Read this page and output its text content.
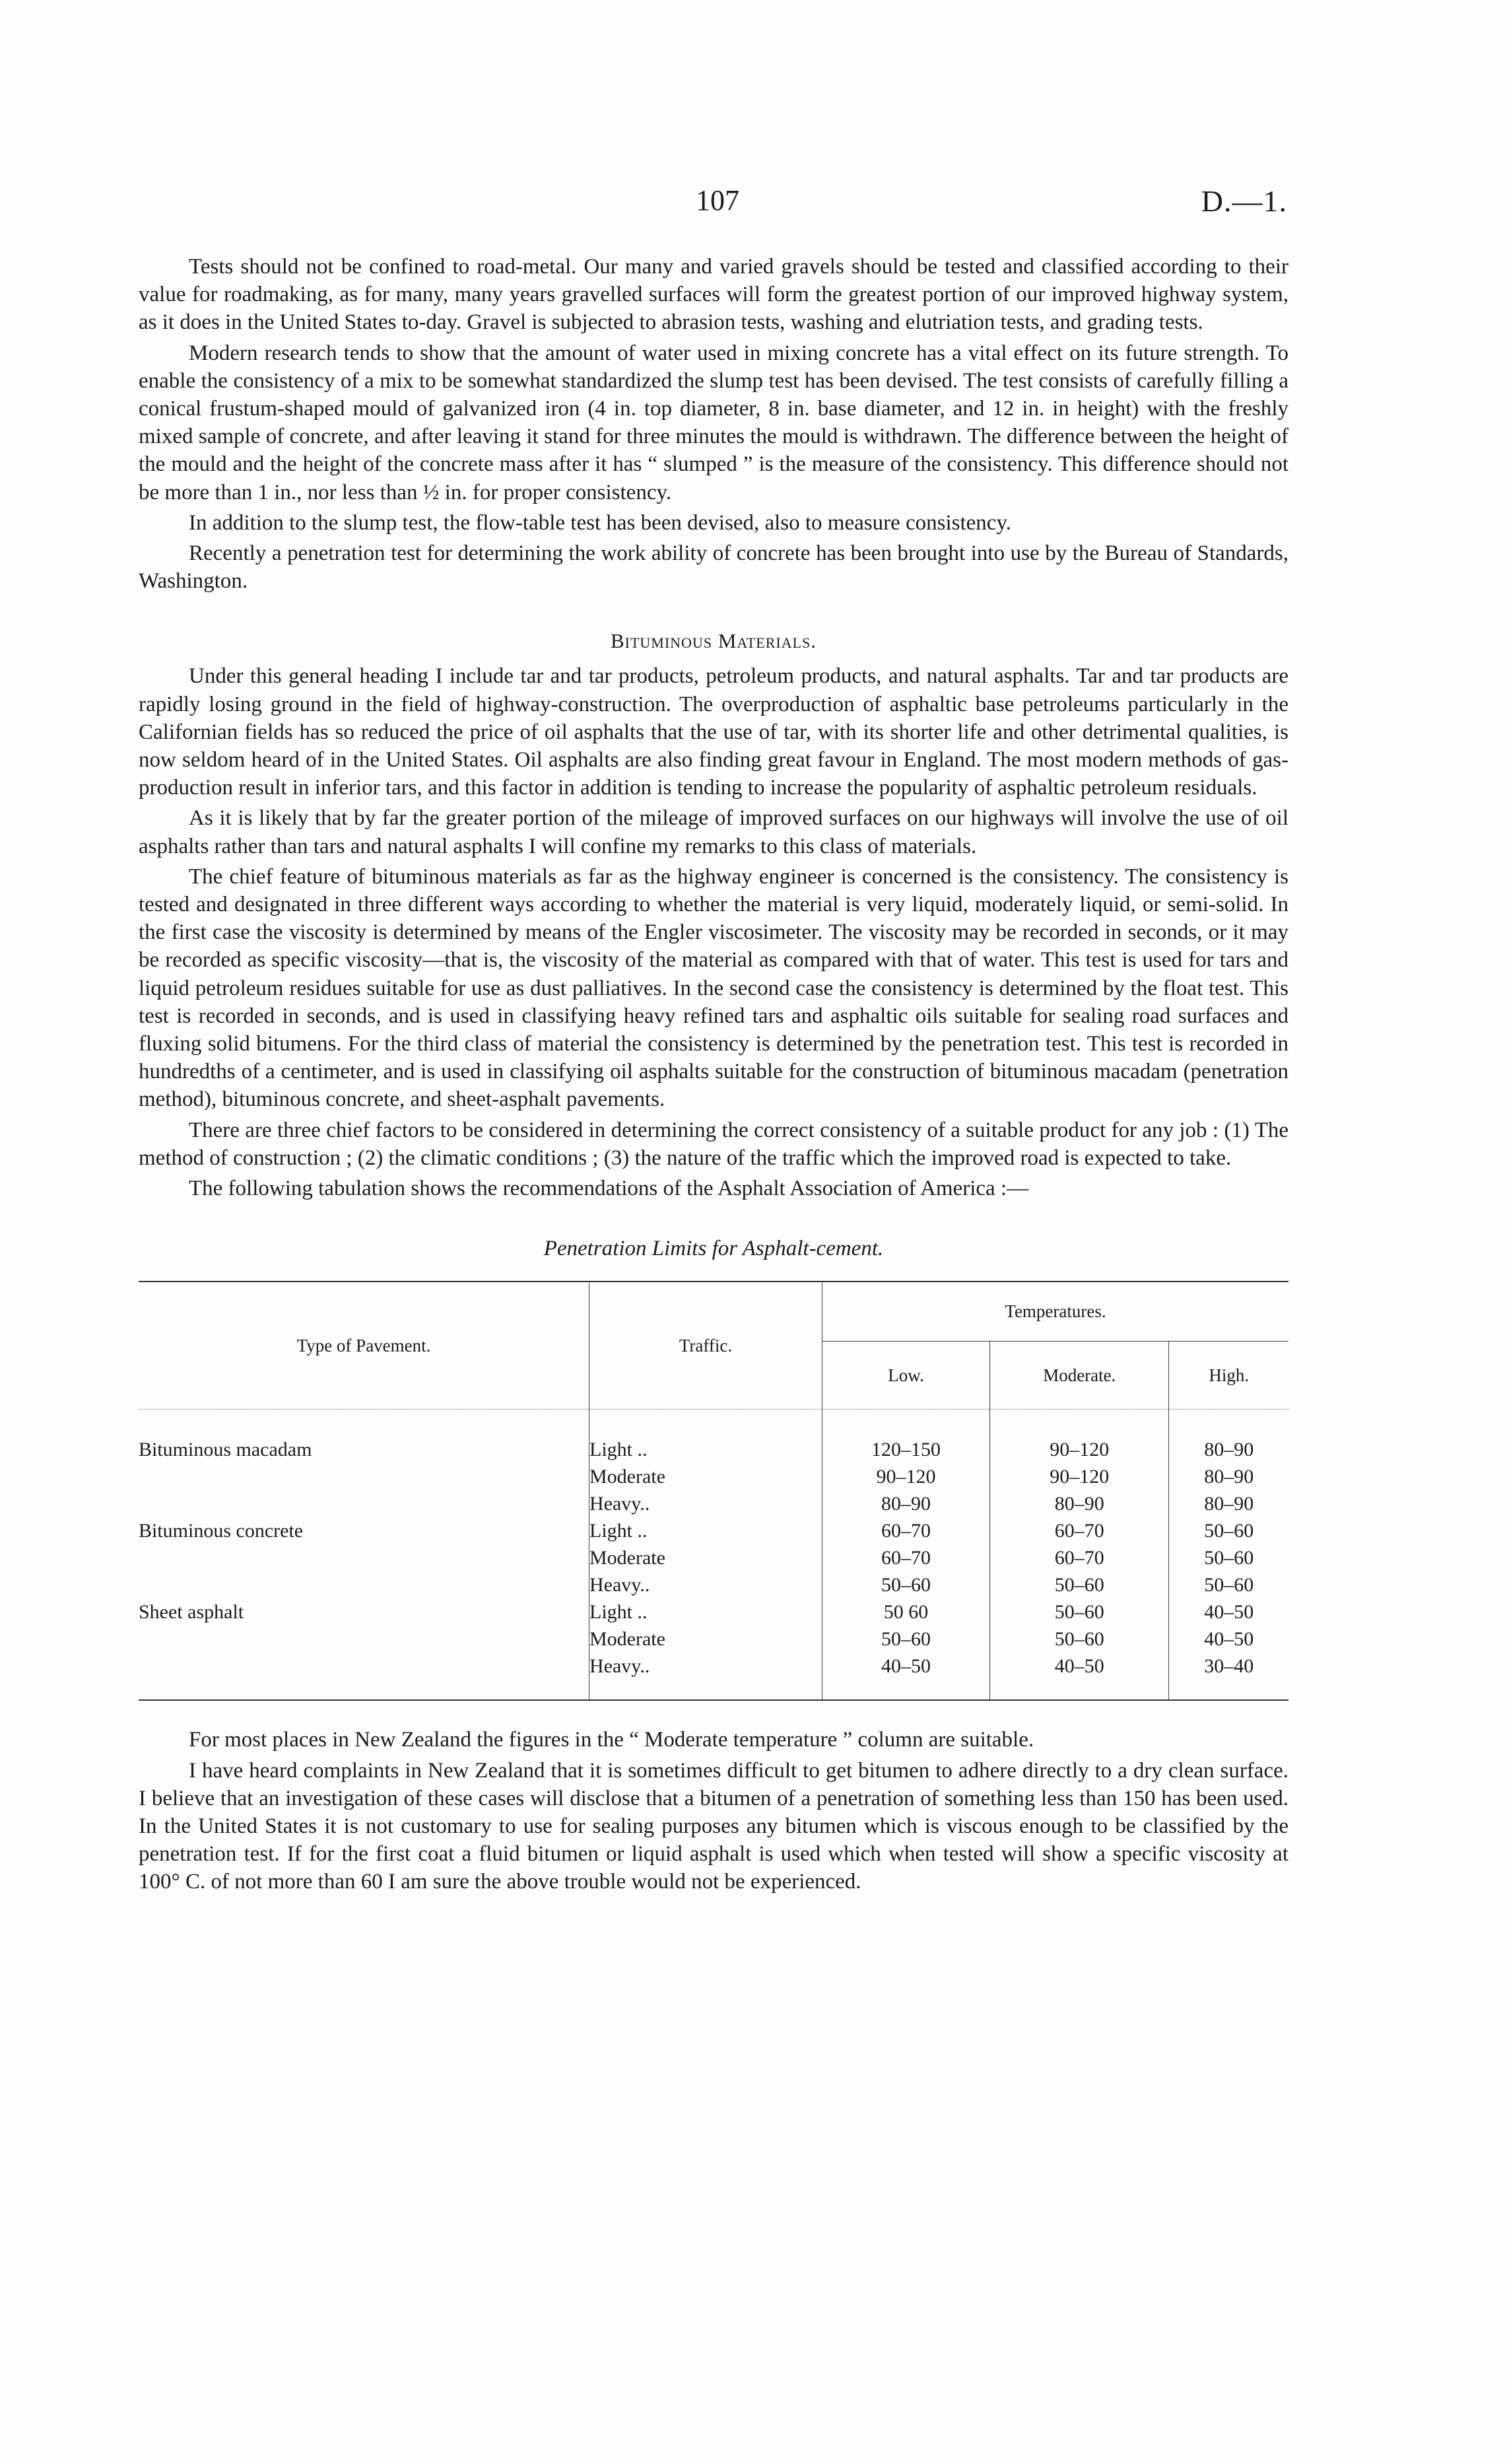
107	D.—1.

Tests should not be confined to road-metal. Our many and varied gravels should be tested and classified according to their value for roadmaking, as for many, many years gravelled surfaces will form the greatest portion of our improved highway system, as it does in the United States to-day. Gravel is subjected to abrasion tests, washing and elutriation tests, and grading tests.

Modern research tends to show that the amount of water used in mixing concrete has a vital effect on its future strength. To enable the consistency of a mix to be somewhat standardized the slump test has been devised. The test consists of carefully filling a conical frustum-shaped mould of galvanized iron (4 in. top diameter, 8 in. base diameter, and 12 in. in height) with the freshly mixed sample of concrete, and after leaving it stand for three minutes the mould is withdrawn. The difference between the height of the mould and the height of the concrete mass after it has “ slumped ” is the measure of the consistency. This difference should not be more than 1 in., nor less than ½ in. for proper consistency.

In addition to the slump test, the flow-table test has been devised, also to measure consistency.

Recently a penetration test for determining the work ability of concrete has been brought into use by the Bureau of Standards, Washington.

Bituminous Materials.

Under this general heading I include tar and tar products, petroleum products, and natural asphalts. Tar and tar products are rapidly losing ground in the field of highway-construction. The overproduction of asphaltic base petroleums particularly in the Californian fields has so reduced the price of oil asphalts that the use of tar, with its shorter life and other detrimental qualities, is now seldom heard of in the United States. Oil asphalts are also finding great favour in England. The most modern methods of gas-production result in inferior tars, and this factor in addition is tending to increase the popularity of asphaltic petroleum residuals.

As it is likely that by far the greater portion of the mileage of improved surfaces on our highways will involve the use of oil asphalts rather than tars and natural asphalts I will confine my remarks to this class of materials.

The chief feature of bituminous materials as far as the highway engineer is concerned is the consistency. The consistency is tested and designated in three different ways according to whether the material is very liquid, moderately liquid, or semi-solid. In the first case the viscosity is determined by means of the Engler viscosimeter. The viscosity may be recorded in seconds, or it may be recorded as specific viscosity—that is, the viscosity of the material as compared with that of water. This test is used for tars and liquid petroleum residues suitable for use as dust palliatives. In the second case the consistency is determined by the float test. This test is recorded in seconds, and is used in classifying heavy refined tars and asphaltic oils suitable for sealing road surfaces and fluxing solid bitumens. For the third class of material the consistency is determined by the penetration test. This test is recorded in hundredths of a centimeter, and is used in classifying oil asphalts suitable for the construction of bituminous macadam (penetration method), bituminous concrete, and sheet-asphalt pavements.

There are three chief factors to be considered in determining the correct consistency of a suitable product for any job : (1) The method of construction ; (2) the climatic conditions ; (3) the nature of the traffic which the improved road is expected to take.

The following tabulation shows the recommendations of the Asphalt Association of America :—

Penetration Limits for Asphalt-cement.
Type of Pavement.	Traffic.	Temperatures.		
		Low.	Moderate.	High.

Bituminous macadam	Light ..	120–150	90–120	80–90
	Moderate	90–120	90–120	80–90
	Heavy..	80–90	80–90	80–90
Bituminous concrete	Light ..	60–70	60–70	50–60
	Moderate	60–70	60–70	50–60
	Heavy..	50–60	50–60	50–60
Sheet asphalt	Light ..	50 60	50–60	40–50
	Moderate	50–60	50–60	40–50
	Heavy..	40–50	40–50	30–40

For most places in New Zealand the figures in the “ Moderate temperature ” column are suitable.

I have heard complaints in New Zealand that it is sometimes difficult to get bitumen to adhere directly to a dry clean surface. I believe that an investigation of these cases will disclose that a bitumen of a penetration of something less than 150 has been used. In the United States it is not customary to use for sealing purposes any bitumen which is viscous enough to be classified by the penetration test. If for the first coat a fluid bitumen or liquid asphalt is used which when tested will show a specific viscosity at 100° C. of not more than 60 I am sure the above trouble would not be experienced.
